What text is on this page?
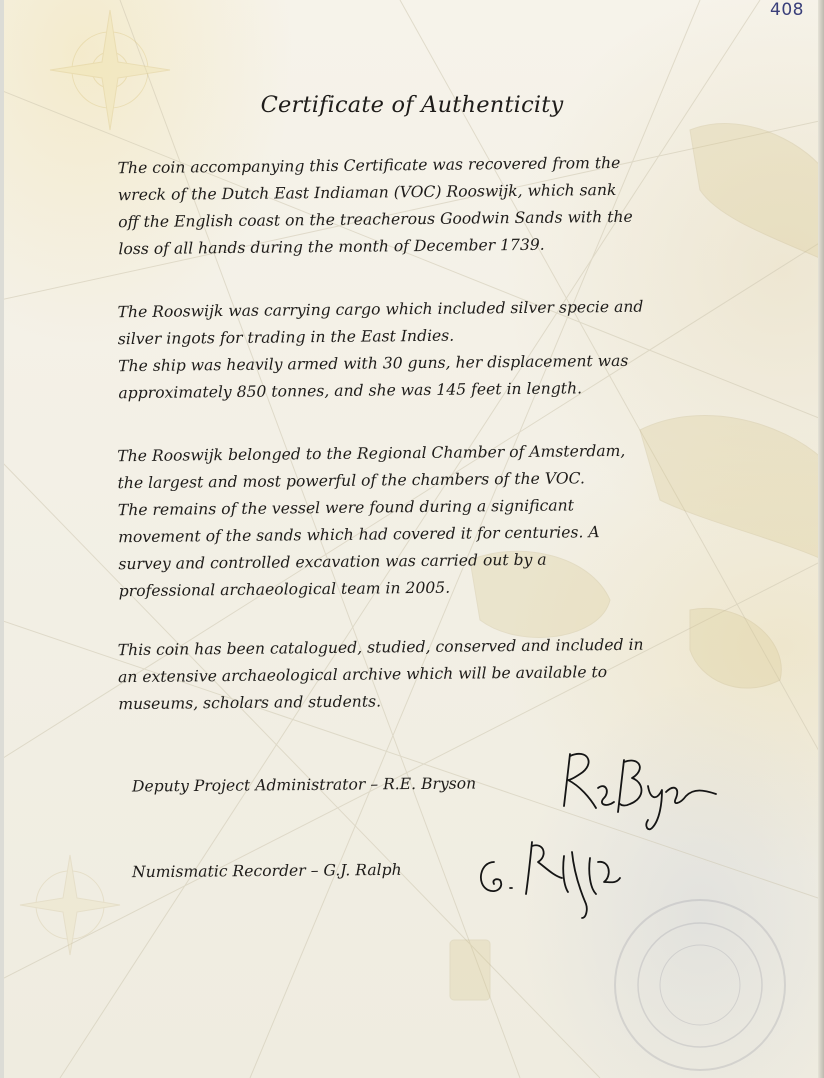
408
Certificate of Authenticity
The coin accompanying this Certificate was recovered from the
wreck of the Dutch East Indiaman (VOC) Rooswijk, which sank
off the English coast on the treacherous Goodwin Sands with the
loss of all hands during the month of December 1739.
The Rooswijk was carrying cargo which included silver specie and
silver ingots for trading in the East Indies.
The ship was heavily armed with 30 guns, her displacement was
approximately 850 tonnes, and she was 145 feet in length.
The Rooswijk belonged to the Regional Chamber of Amsterdam,
the largest and most powerful of the chambers of the VOC.
The remains of the vessel were found during a significant
movement of the sands which had covered it for centuries. A
survey and controlled excavation was carried out by a
professional archaeological team in 2005.
This coin has been catalogued, studied, conserved and included in
an extensive archaeological archive which will be available to
museums, scholars and students.
Deputy Project Administrator – R.E. Bryson
Numismatic Recorder – G.J. Ralph
